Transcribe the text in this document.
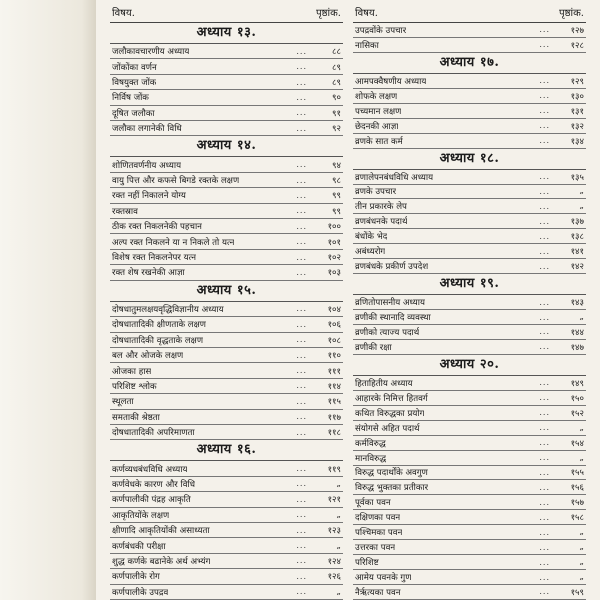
विषय.	पृष्ठांक.
अध्याय १३.
जलौकावचारणीय अध्याय	...	८८
जोंकोंका वर्णन	...	८९
विषयुक्त जोंक	...	८९
निर्विष जोंक	...	९०
दूषित जलौका	...	९१
जलौका लगानेकी विधि	...	९२
अध्याय १४.
शोणितवर्णनीय अध्याय	...	९४
वायु पित्त और कफसे बिगडे रक्तके लक्षण	...	९८
रक्त नहीं निकालने योग्य	...	९९
रक्तस्राव	...	९९
ठीक रक्त निकलनेकी पहचान	...	१००
अल्प रक्त निकलने या न निकले तो यत्न	...	१०१
विशेष रक्त निकलनेपर यत्न	...	१०२
रक्त शेष रखनेकी आज्ञा	...	१०३
अध्याय १५.
दोषधातुमलक्षयवृद्धिविज्ञानीय अध्याय	...	१०४
दोषधातादिकी क्षीणताके लक्षण	...	१०६
दोषधातादिकी वृद्धताके लक्षण	...	१०८
बल और ओजके लक्षण	...	११०
ओजका हास	...	१११
परिशिष्ट श्लोक	...	११४
स्थूलता	...	११५
समताकी श्रेष्ठता	...	११७
दोषधातादिकी अपरिमाणता	...	११८
अध्याय १६.
कर्णव्यधबंधविधि अध्याय	...	११९
कर्णवेधके कारण और विधि	...	„
कर्णपालीकी पंद्रह आकृति	...	१२१
आकृतियोंके लक्षण	...	„
क्षीणादि आकृतियोंकी असाध्यता	...	१२३
कर्णबंधकी परीक्षा	...	„
शुद्ध कर्णके बढानेके अर्थ अभ्यंग	...	१२४
कर्णपालीके रोग	...	१२६
कर्णपालीके उपद्रव	...	„
विषय.	पृष्ठांक.
उपद्रवोंके उपचार	...	१२७
नासिका	...	१२८
अध्याय १७.
आमपक्वैषणीय अध्याय	...	१२९
शोफके लक्षण	...	१३०
पच्यमान लक्षण	...	१३१
छेदनकी आज्ञा	...	१३२
व्रणके सात कर्म	...	१३४
अध्याय १८.
व्रणालेपनबंधविधि अध्याय	...	१३५
व्रणके उपचार	...	„
तीन प्रकारके लेप	...	„
व्रणबंधनके पदार्थ	...	१३७
बंधोंके भेद	...	१३८
अबंध्यरोग	...	१४१
व्रणबंधके प्रकीर्ण उपदेश	...	१४२
अध्याय १९.
व्रणितोपासनीय अध्याय	...	१४३
व्रणीकी स्थानादि व्यवस्था	...	„
व्रणीको त्याज्य पदार्थ	...	१४४
व्रणीकी रक्षा	...	१४७
अध्याय २०.
हिताहितीय अध्याय	...	१४९
आहारके निमित्त हितवर्ग	...	१५०
कथित विरुद्धका प्रयोग	...	१५२
संयोगसे अहित पदार्थ	...	„
कर्मविरुद्ध	...	१५४
मानविरुद्ध	...	„
विरुद्ध पदार्थोंके अवगुण	...	१५५
विरुद्ध भुक्तका प्रतीकार	...	१५६
पूर्वका पवन	...	१५७
दक्षिणका पवन	...	१५८
पश्चिमका पवन	...	„
उत्तरका पवन	...	„
परिशिष्ट	...	„
आमेय पवनके गुण	...	„
नैर्ऋत्यका पवन	...	१५९
